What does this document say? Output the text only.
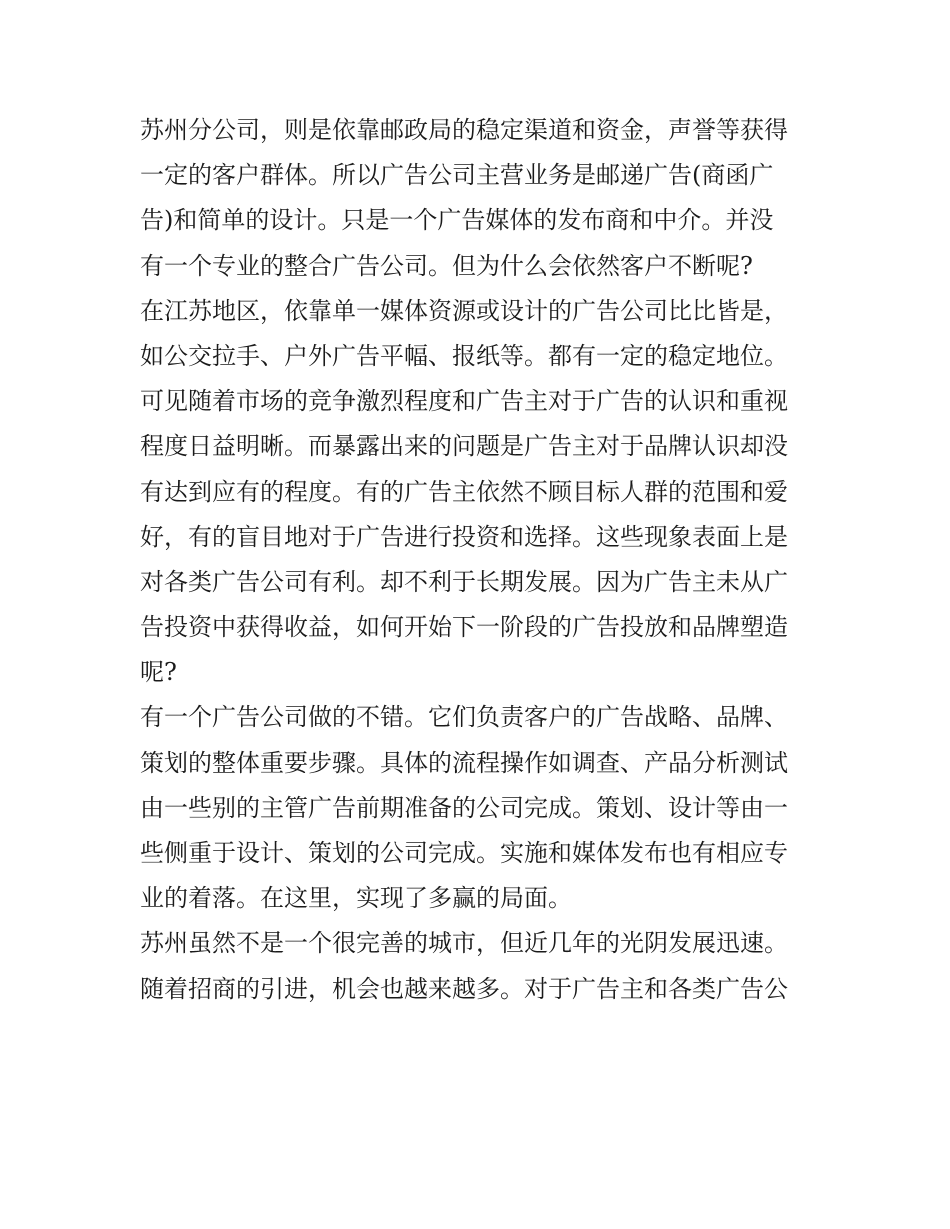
苏州分公司，则是依靠邮政局的稳定渠道和资金，声誉等获得
一定的客户群体。所以广告公司主营业务是邮递广告(商函广
告)和简单的设计。只是一个广告媒体的发布商和中介。并没
有一个专业的整合广告公司。但为什么会依然客户不断呢?
在江苏地区，依靠单一媒体资源或设计的广告公司比比皆是，
如公交拉手、户外广告平幅、报纸等。都有一定的稳定地位。
可见随着市场的竞争激烈程度和广告主对于广告的认识和重视
程度日益明晰。而暴露出来的问题是广告主对于品牌认识却没
有达到应有的程度。有的广告主依然不顾目标人群的范围和爱
好，有的盲目地对于广告进行投资和选择。这些现象表面上是
对各类广告公司有利。却不利于长期发展。因为广告主未从广
告投资中获得收益，如何开始下一阶段的广告投放和品牌塑造
呢?
有一个广告公司做的不错。它们负责客户的广告战略、品牌、
策划的整体重要步骤。具体的流程操作如调查、产品分析测试
由一些别的主管广告前期准备的公司完成。策划、设计等由一
些侧重于设计、策划的公司完成。实施和媒体发布也有相应专
业的着落。在这里，实现了多赢的局面。
苏州虽然不是一个很完善的城市，但近几年的光阴发展迅速。
随着招商的引进，机会也越来越多。对于广告主和各类广告公
